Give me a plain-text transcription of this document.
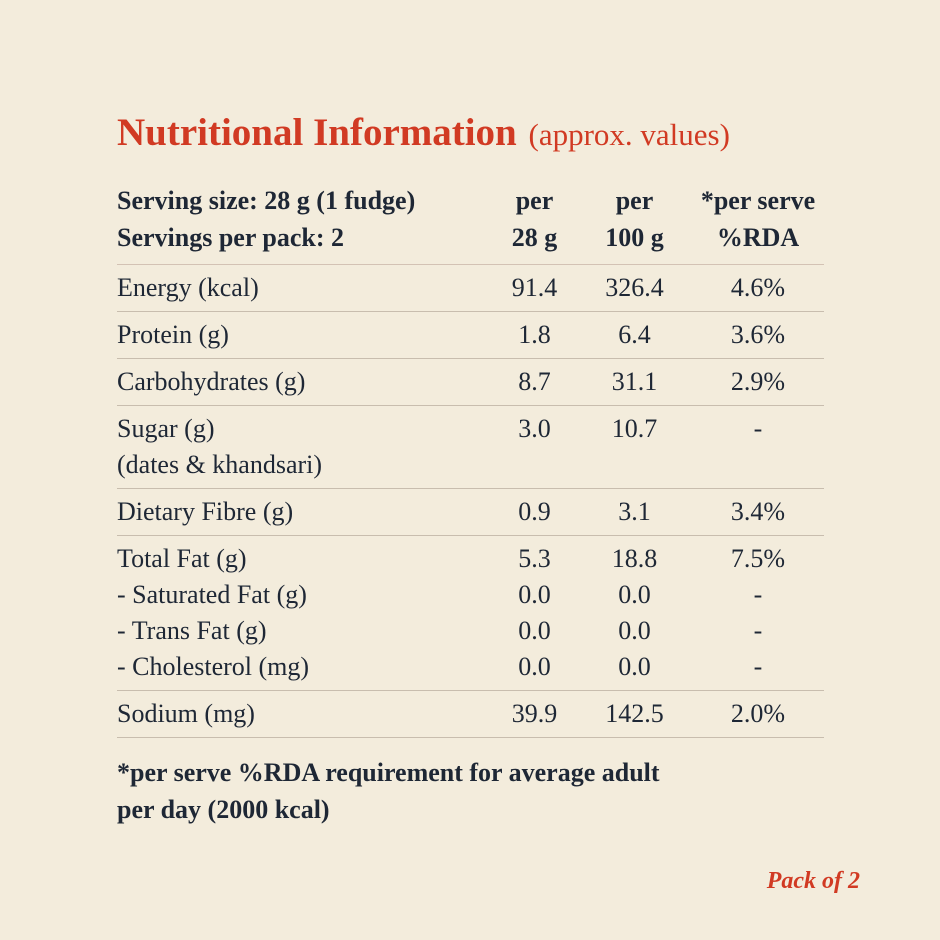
Nutritional Information (approx. values)
Serving size: 28 g (1 fudge)	per	per	*per serve
Servings per pack: 2	28 g	100 g	%RDA
Energy (kcal)	91.4	326.4	4.6%
Protein (g)	1.8	6.4	3.6%
Carbohydrates (g)	8.7	31.1	2.9%
Sugar (g)	3.0	10.7	-
(dates & khandsari)
Dietary Fibre (g)	0.9	3.1	3.4%
Total Fat (g)	5.3	18.8	7.5%
- Saturated Fat (g)	0.0	0.0	-
- Trans Fat (g)	0.0	0.0	-
- Cholesterol (mg)	0.0	0.0	-
Sodium (mg)	39.9	142.5	2.0%
*per serve %RDA requirement for average adult
per day (2000 kcal)
Pack of 2
